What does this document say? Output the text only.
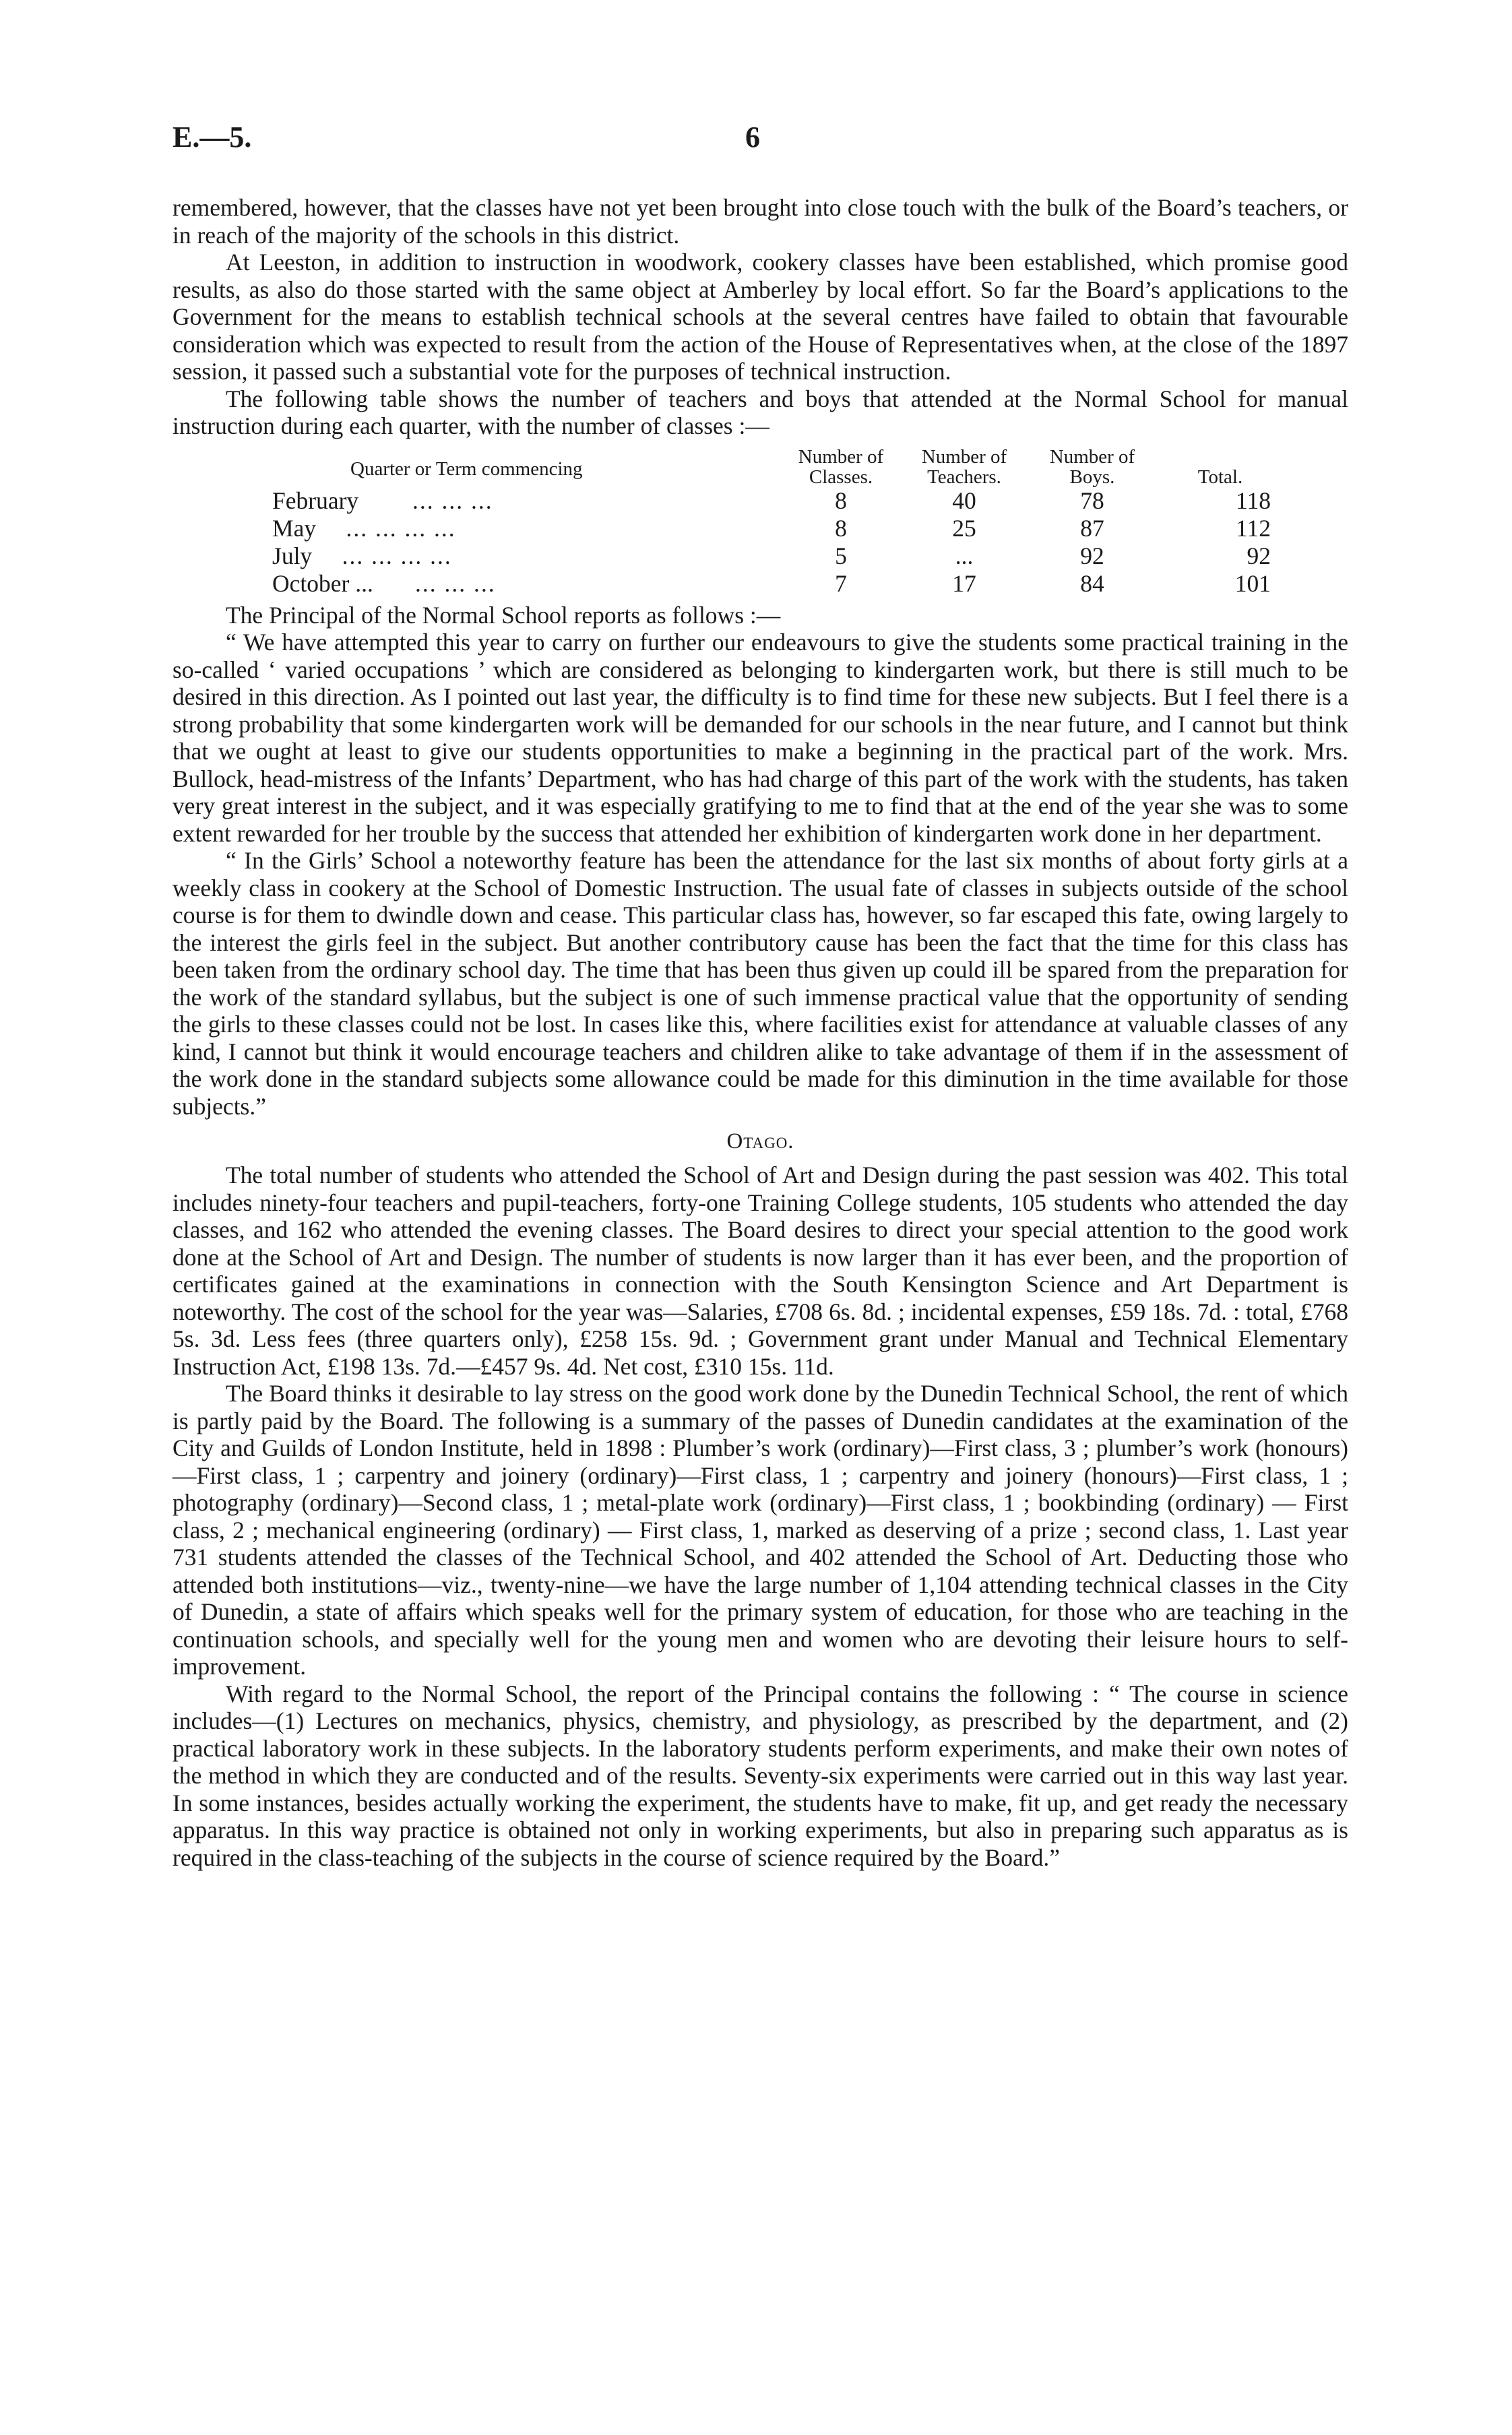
E.—5.	6

remembered, however, that the classes have not yet been brought into close touch with the bulk of the Board’s teachers, or in reach of the majority of the schools in this district.

At Leeston, in addition to instruction in woodwork, cookery classes have been established, which promise good results, as also do those started with the same object at Amberley by local effort. So far the Board’s applications to the Government for the means to establish technical schools at the several centres have failed to obtain that favourable consideration which was expected to result from the action of the House of Representatives when, at the close of the 1897 session, it passed such a substantial vote for the purposes of technical instruction.

The following table shows the number of teachers and boys that attended at the Normal School for manual instruction during each quarter, with the number of classes :—

Quarter or Term commencing	Number of Classes.	Number of Teachers.	Number of Boys.	Total.
February ... ... ...	8	40	78	118
May ... ... ... ...	8	25	87	112
July ... ... ... ...	5	...	92	92
October ... ... ... ...	7	17	84	101

The Principal of the Normal School reports as follows :—

“ We have attempted this year to carry on further our endeavours to give the students some practical training in the so-called ‘ varied occupations ’ which are considered as belonging to kindergarten work, but there is still much to be desired in this direction. As I pointed out last year, the difficulty is to find time for these new subjects. But I feel there is a strong probability that some kindergarten work will be demanded for our schools in the near future, and I cannot but think that we ought at least to give our students opportunities to make a beginning in the practical part of the work. Mrs. Bullock, head-mistress of the Infants’ Department, who has had charge of this part of the work with the students, has taken very great interest in the subject, and it was especially gratifying to me to find that at the end of the year she was to some extent rewarded for her trouble by the success that attended her exhibition of kindergarten work done in her department.

“ In the Girls’ School a noteworthy feature has been the attendance for the last six months of about forty girls at a weekly class in cookery at the School of Domestic Instruction. The usual fate of classes in subjects outside of the school course is for them to dwindle down and cease. This particular class has, however, so far escaped this fate, owing largely to the interest the girls feel in the subject. But another contributory cause has been the fact that the time for this class has been taken from the ordinary school day. The time that has been thus given up could ill be spared from the preparation for the work of the standard syllabus, but the subject is one of such immense practical value that the opportunity of sending the girls to these classes could not be lost. In cases like this, where facilities exist for attendance at valuable classes of any kind, I cannot but think it would encourage teachers and children alike to take advantage of them if in the assessment of the work done in the standard subjects some allowance could be made for this diminution in the time available for those subjects.”

Otago.

The total number of students who attended the School of Art and Design during the past session was 402. This total includes ninety-four teachers and pupil-teachers, forty-one Training College students, 105 students who attended the day classes, and 162 who attended the evening classes. The Board desires to direct your special attention to the good work done at the School of Art and Design. The number of students is now larger than it has ever been, and the proportion of certificates gained at the examinations in connection with the South Kensington Science and Art Department is noteworthy. The cost of the school for the year was—Salaries, £708 6s. 8d. ; incidental expenses, £59 18s. 7d. : total, £768 5s. 3d. Less fees (three quarters only), £258 15s. 9d. ; Government grant under Manual and Technical Elementary Instruction Act, £198 13s. 7d.—£457 9s. 4d. Net cost, £310 15s. 11d.

The Board thinks it desirable to lay stress on the good work done by the Dunedin Technical School, the rent of which is partly paid by the Board. The following is a summary of the passes of Dunedin candidates at the examination of the City and Guilds of London Institute, held in 1898 : Plumber’s work (ordinary)—First class, 3 ; plumber’s work (honours)—First class, 1 ; carpentry and joinery (ordinary)—First class, 1 ; carpentry and joinery (honours)—First class, 1 ; photography (ordinary)—Second class, 1 ; metal-plate work (ordinary)—First class, 1 ; bookbinding (ordinary) — First class, 2 ; mechanical engineering (ordinary) — First class, 1, marked as deserving of a prize ; second class, 1. Last year 731 students attended the classes of the Technical School, and 402 attended the School of Art. Deducting those who attended both institutions—viz., twenty-nine—we have the large number of 1,104 attending technical classes in the City of Dunedin, a state of affairs which speaks well for the primary system of education, for those who are teaching in the continuation schools, and specially well for the young men and women who are devoting their leisure hours to self-improvement.

With regard to the Normal School, the report of the Principal contains the following : “ The course in science includes—(1) Lectures on mechanics, physics, chemistry, and physiology, as prescribed by the department, and (2) practical laboratory work in these subjects. In the laboratory students perform experiments, and make their own notes of the method in which they are conducted and of the results. Seventy-six experiments were carried out in this way last year. In some instances, besides actually working the experiment, the students have to make, fit up, and get ready the necessary apparatus. In this way practice is obtained not only in working experiments, but also in preparing such apparatus as is required in the class-teaching of the subjects in the course of science required by the Board.”
